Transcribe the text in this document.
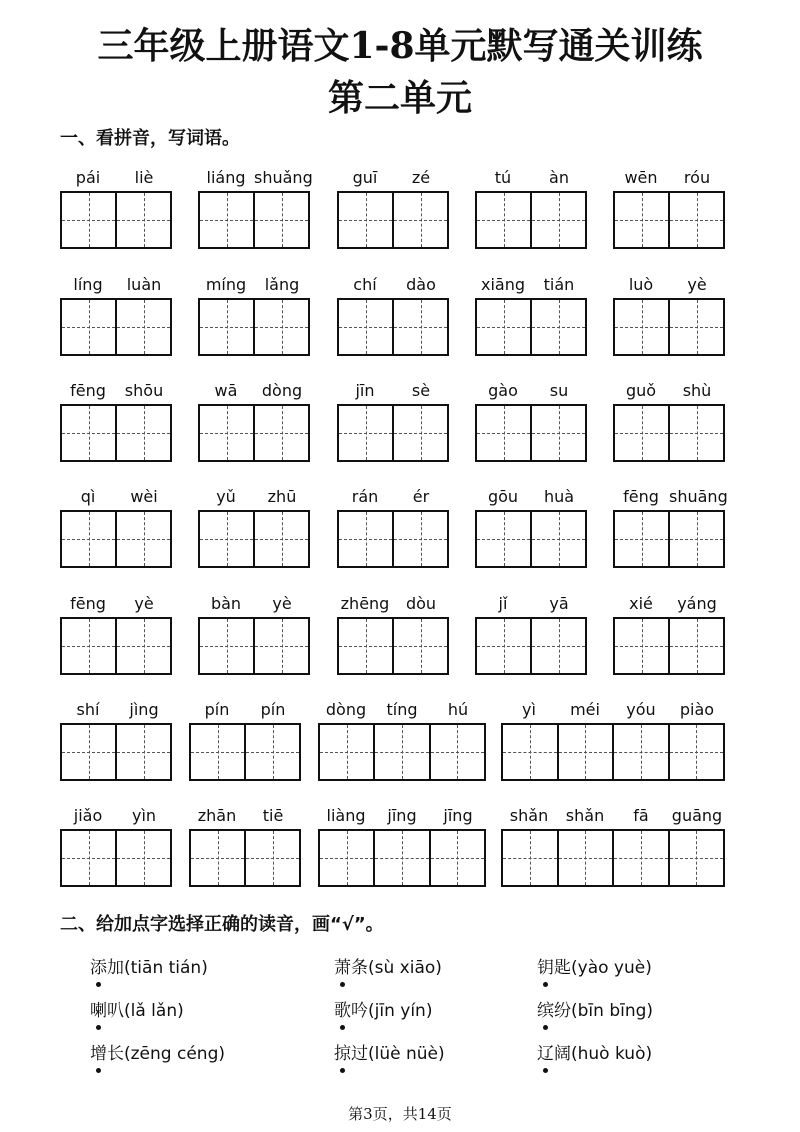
三年级上册语文1-8单元默写通关训练
第二单元
一、看拼音，写词语。
pái	liè	liáng shuǎng	guī	zé	tú	àn	wēn	róu
líng	luàn	míng	lǎng	chí	dào	xiāng	tián	luò	yè
fēng	shōu	wā	dòng	jīn	sè	gào	su	guǒ	shù
qì	wèi	yǔ	zhū	rán	ér	gōu	huà	fēng shuāng
fēng	yè	bàn	yè	zhēng	dòu	jǐ	yā	xié	yáng
shí	jìng	pín	pín	dòng	tíng	hú	yì	méi	yóu	piào
jiǎo	yìn	zhān	tiē	liàng	jīng	jīng	shǎn	shǎn	fā	guāng
二、给加点字选择正确的读音，画“√”。
添加(tiān tián)	萧条(sù xiāo)	钥匙(yào yuè)
喇叭(lǎ lǎn)	歌吟(jīn yín)	缤纷(bīn bīng)
增长(zēng céng)	掠过(lüè nüè)	辽阔(huò kuò)
第3页，共14页
